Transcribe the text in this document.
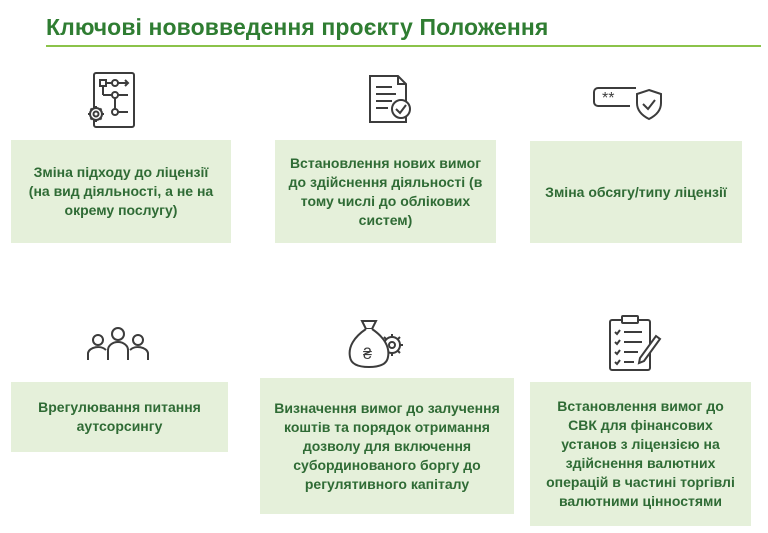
Ключові нововведення проєкту Положення
**
₴
Зміна підходу до ліцензії (на вид діяльності, а не на окрему послугу)
Встановлення нових вимог до здійснення діяльності (в тому числі до облікових систем)
Зміна обсягу/типу ліцензії
Врегулювання питання аутсорсингу
Визначення вимог до залучення коштів та порядок отримання дозволу для включення субординованого боргу до регулятивного капіталу
Встановлення вимог до СВК для фінансових установ з ліцензією на здійснення валютних операцій в частині торгівлі валютними цінностями
